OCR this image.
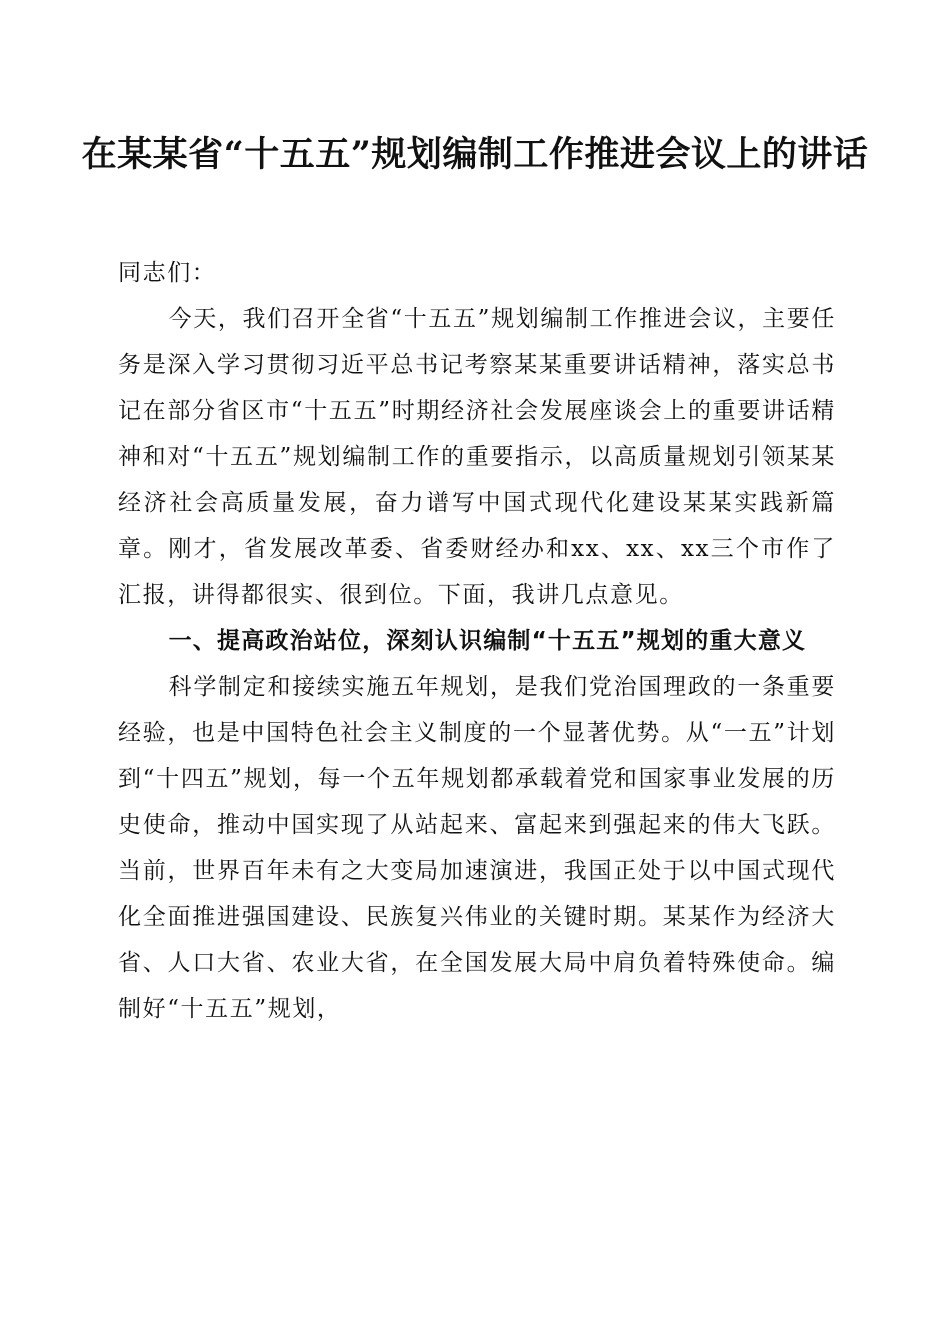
在某某省“十五五”规划编制工作推进会议上的讲话

同志们：

今天，我们召开全省“十五五”规划编制工作推进会议，主要任务是深入学习贯彻习近平总书记考察某某重要讲话精神，落实总书记在部分省区市“十五五”时期经济社会发展座谈会上的重要讲话精神和对“十五五”规划编制工作的重要指示，以高质量规划引领某某经济社会高质量发展，奋力谱写中国式现代化建设某某实践新篇章。刚才，省发展改革委、省委财经办和xx、xx、xx三个市作了汇报，讲得都很实、很到位。下面，我讲几点意见。

一、提高政治站位，深刻认识编制“十五五”规划的重大意义

科学制定和接续实施五年规划，是我们党治国理政的一条重要经验，也是中国特色社会主义制度的一个显著优势。从“一五”计划到“十四五”规划，每一个五年规划都承载着党和国家事业发展的历史使命，推动中国实现了从站起来、富起来到强起来的伟大飞跃。当前，世界百年未有之大变局加速演进，我国正处于以中国式现代化全面推进强国建设、民族复兴伟业的关键时期。某某作为经济大省、人口大省、农业大省，在全国发展大局中肩负着特殊使命。编制好“十五五”规划，
